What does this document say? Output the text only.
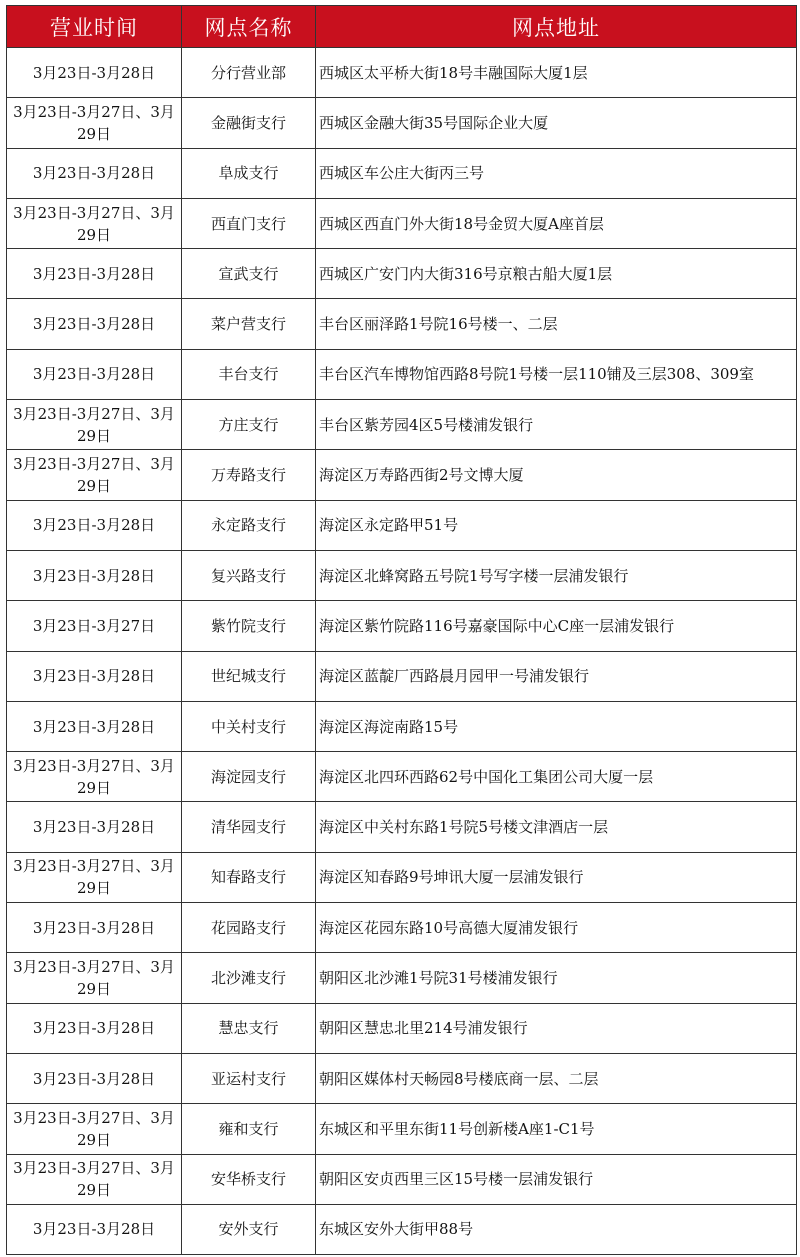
营业时间	网点名称	网点地址
3月23日-3月28日	分行营业部	西城区太平桥大街18号丰融国际大厦1层
3月23日-3月27日、3月29日	金融街支行	西城区金融大街35号国际企业大厦
3月23日-3月28日	阜成支行	西城区车公庄大街丙三号
3月23日-3月27日、3月29日	西直门支行	西城区西直门外大街18号金贸大厦A座首层
3月23日-3月28日	宣武支行	西城区广安门内大街316号京粮古船大厦1层
3月23日-3月28日	菜户营支行	丰台区丽泽路1号院16号楼一、二层
3月23日-3月28日	丰台支行	丰台区汽车博物馆西路8号院1号楼一层110铺及三层308、309室
3月23日-3月27日、3月29日	方庄支行	丰台区紫芳园4区5号楼浦发银行
3月23日-3月27日、3月29日	万寿路支行	海淀区万寿路西街2号文博大厦
3月23日-3月28日	永定路支行	海淀区永定路甲51号
3月23日-3月28日	复兴路支行	海淀区北蜂窝路五号院1号写字楼一层浦发银行
3月23日-3月27日	紫竹院支行	海淀区紫竹院路116号嘉豪国际中心C座一层浦发银行
3月23日-3月28日	世纪城支行	海淀区蓝靛厂西路晨月园甲一号浦发银行
3月23日-3月28日	中关村支行	海淀区海淀南路15号
3月23日-3月27日、3月29日	海淀园支行	海淀区北四环西路62号中国化工集团公司大厦一层
3月23日-3月28日	清华园支行	海淀区中关村东路1号院5号楼文津酒店一层
3月23日-3月27日、3月29日	知春路支行	海淀区知春路9号坤讯大厦一层浦发银行
3月23日-3月28日	花园路支行	海淀区花园东路10号高德大厦浦发银行
3月23日-3月27日、3月29日	北沙滩支行	朝阳区北沙滩1号院31号楼浦发银行
3月23日-3月28日	慧忠支行	朝阳区慧忠北里214号浦发银行
3月23日-3月28日	亚运村支行	朝阳区媒体村天畅园8号楼底商一层、二层
3月23日-3月27日、3月29日	雍和支行	东城区和平里东街11号创新楼A座1-C1号
3月23日-3月27日、3月29日	安华桥支行	朝阳区安贞西里三区15号楼一层浦发银行
3月23日-3月28日	安外支行	东城区安外大街甲88号
